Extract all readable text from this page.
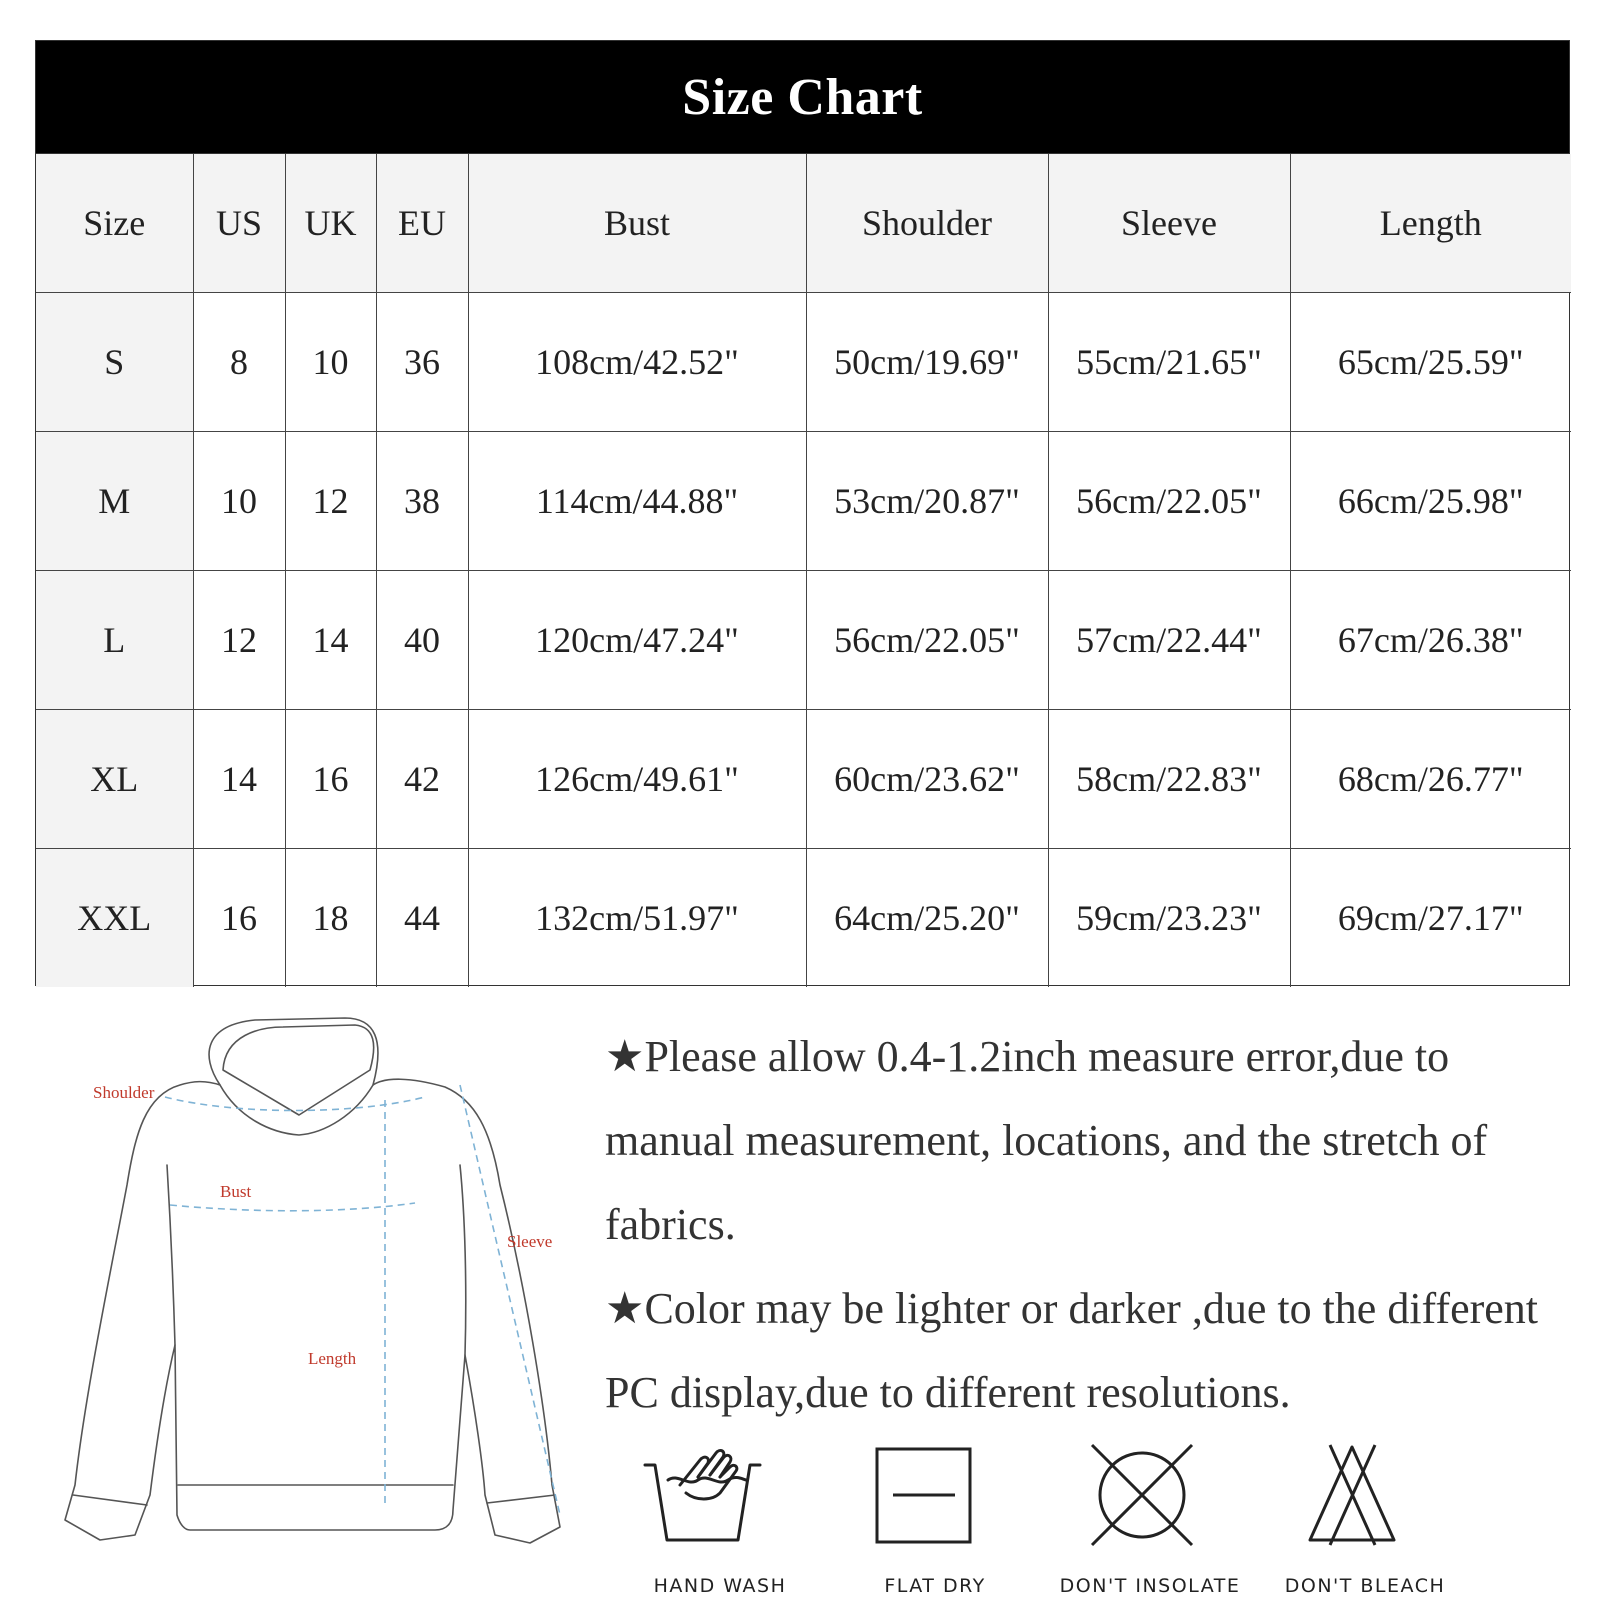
Size Chart
Size	US	UK	EU	Bust	Shoulder	Sleeve	Length
S	8	10	36	108cm/42.52"	50cm/19.69"	55cm/21.65"	65cm/25.59"
M	10	12	38	114cm/44.88"	53cm/20.87"	56cm/22.05"	66cm/25.98"
L	12	14	40	120cm/47.24"	56cm/22.05"	57cm/22.44"	67cm/26.38"
XL	14	16	42	126cm/49.61"	60cm/23.62"	58cm/22.83"	68cm/26.77"
XXL	16	18	44	132cm/51.97"	64cm/25.20"	59cm/23.23"	69cm/27.17"
Shoulder
Bust
Sleeve
Length

★Please allow 0.4-1.2inch measure error,due to manual measurement, locations, and the stretch of fabrics.

★Color may be lighter or darker ,due to the different PC display,due to different resolutions.

HAND WASH	FLAT DRY	DON'T INSOLATE	DON'T BLEACH
